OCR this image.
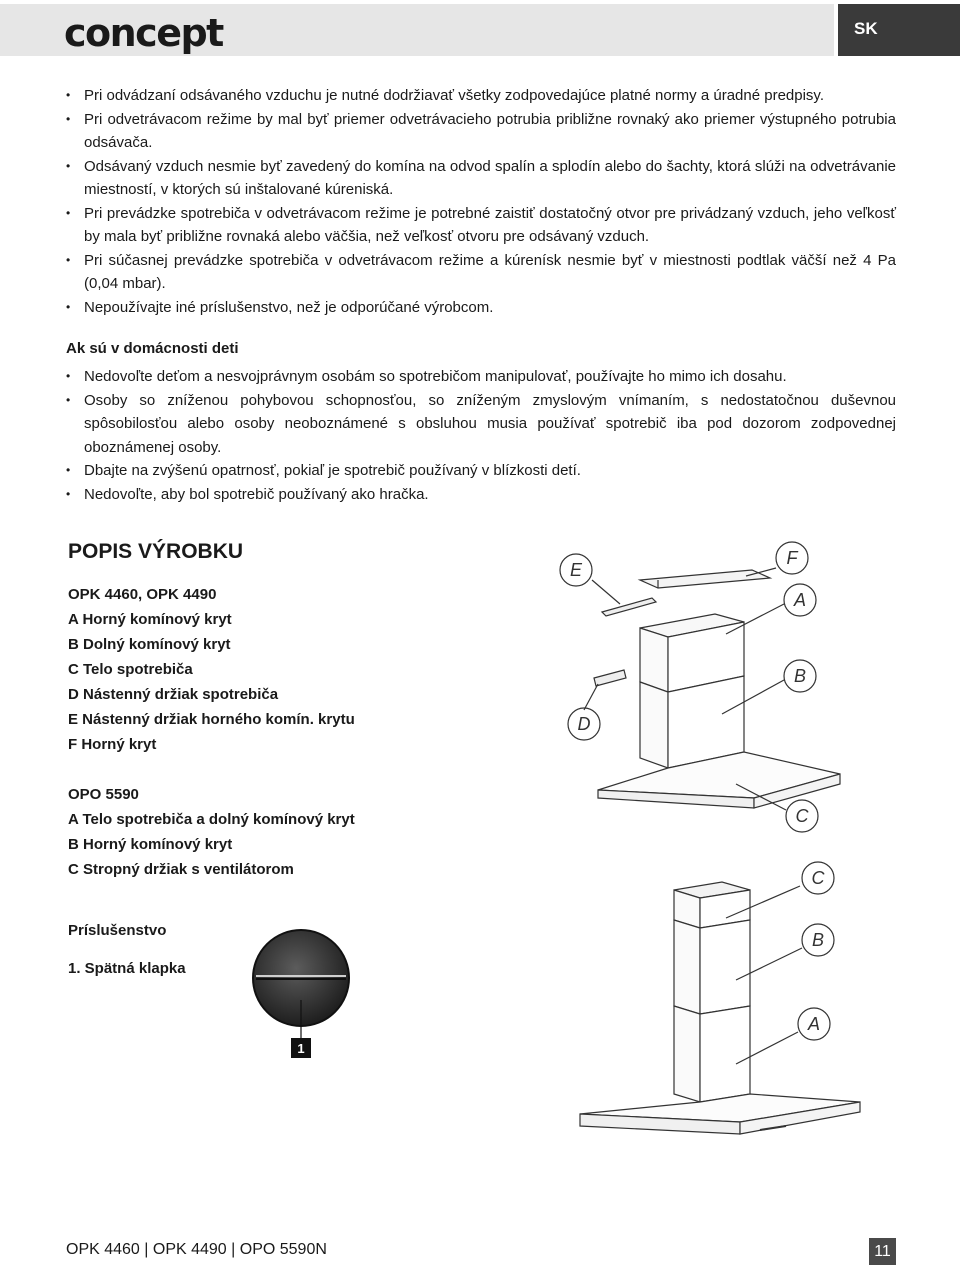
concept	SK
• Pri odvádzaní odsávaného vzduchu je nutné dodržiavať všetky zodpovedajúce platné normy a úradné predpisy.
• Pri odvetrávacom režime by mal byť priemer odvetrávacieho potrubia približne rovnaký ako priemer výstupného potrubia odsávača.
• Odsávaný vzduch nesmie byť zavedený do komína na odvod spalín a splodín alebo do šachty, ktorá slúži na odvetrávanie miestností, v ktorých sú inštalované kúreniská.
• Pri prevádzke spotrebiča v odvetrávacom režime je potrebné zaistiť dostatočný otvor pre privádzaný vzduch, jeho veľkosť by mala byť približne rovnaká alebo väčšia, než veľkosť otvoru pre odsávaný vzduch.
• Pri súčasnej prevádzke spotrebiča v odvetrávacom režime a kúrenísk nesmie byť v miestnosti podtlak väčší než 4 Pa (0,04 mbar).
• Nepoužívajte iné príslušenstvo, než je odporúčané výrobcom.
Ak sú v domácnosti deti
• Nedovoľte deťom a nesvojprávnym osobám so spotrebičom manipulovať, používajte ho mimo ich dosahu.
• Osoby so zníženou pohybovou schopnosťou, so zníženým zmyslovým vnímaním, s nedostatočnou duševnou spôsobilosťou alebo osoby neoboznámené s obsluhou musia používať spotrebič iba pod dozorom zodpovednej oboznámenej osoby.
• Dbajte na zvýšenú opatrnosť, pokiaľ je spotrebič používaný v blízkosti detí.
• Nedovoľte, aby bol spotrebič používaný ako hračka.
POPIS VÝROBKU
OPK 4460, OPK 4490
A Horný komínový kryt
B Dolný komínový kryt
C Telo spotrebiča
D Nástenný držiak spotrebiča
E Nástenný držiak horného komín. krytu
F Horný kryt
OPO 5590
A Telo spotrebiča a dolný komínový kryt
B Horný komínový kryt
C Stropný držiak s ventilátorom
Príslušenstvo
1. Spätná klapka
1
E
F
A
B
D
C
C
B
A
OPK 4460 | OPK 4490 | OPO 5590N	11
